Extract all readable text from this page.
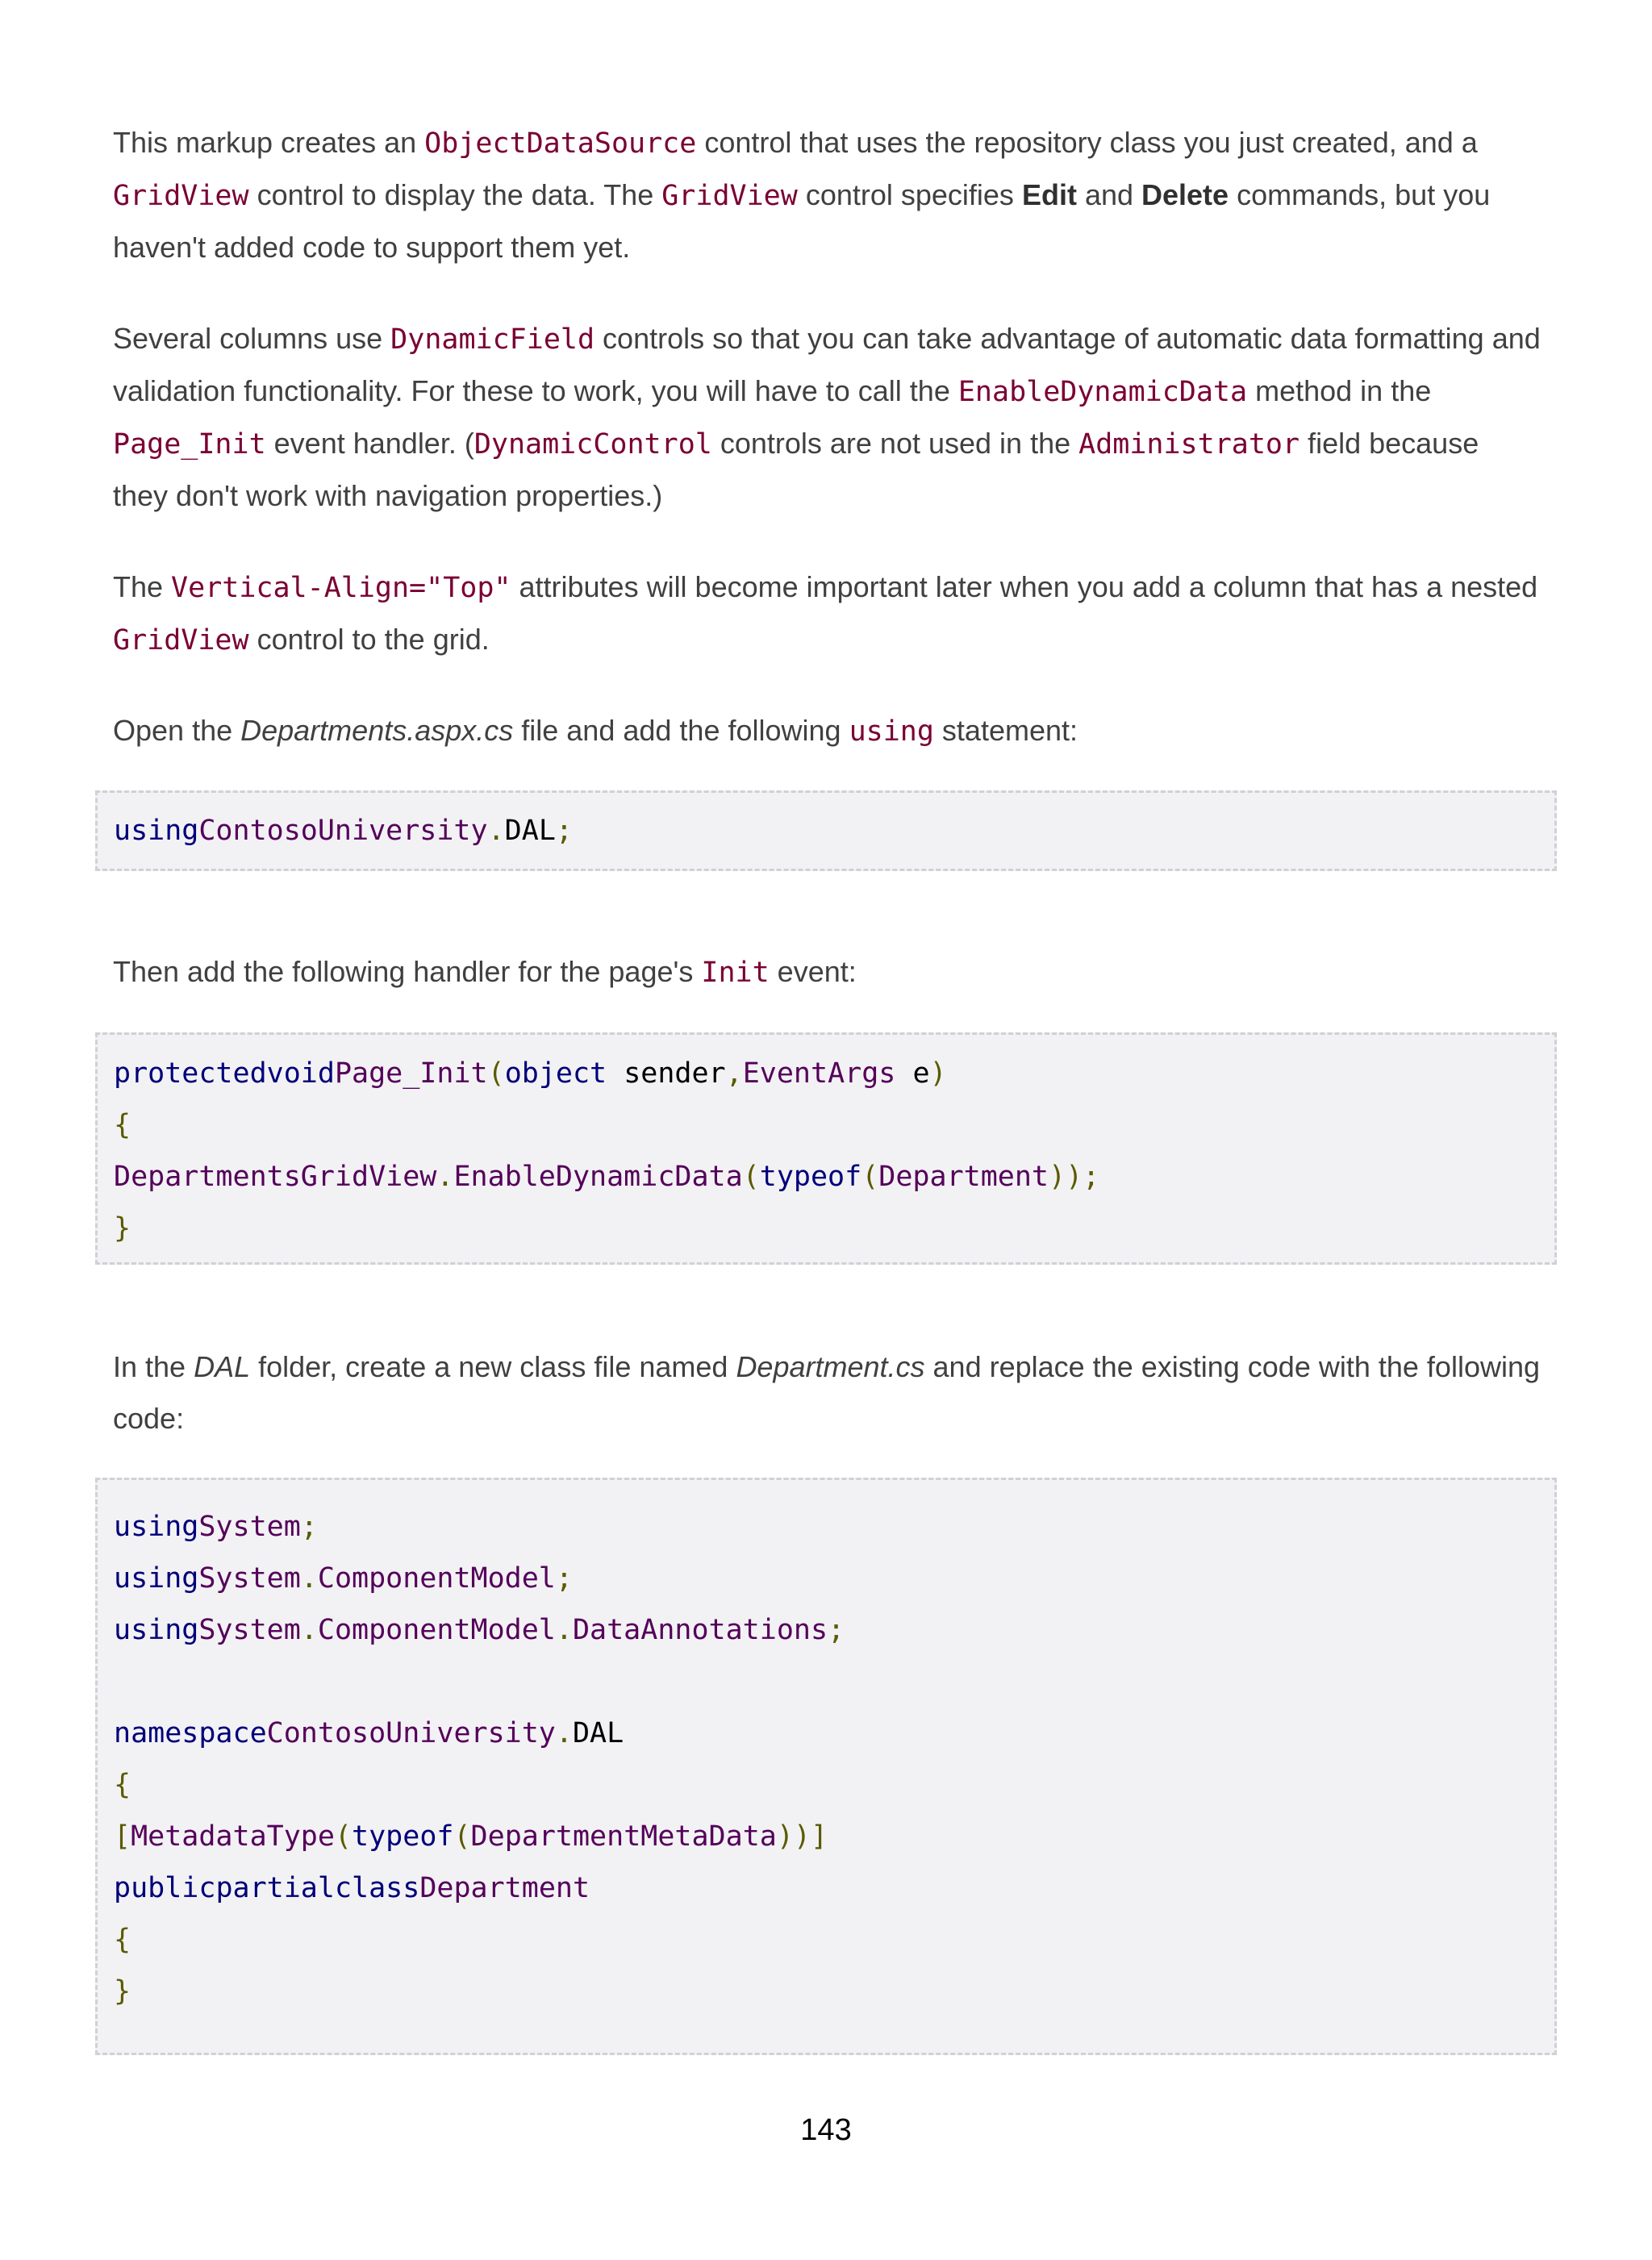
This markup creates an ObjectDataSource control that uses the repository class you just created, and a GridView control to display the data. The GridView control specifies Edit and Delete commands, but you haven't added code to support them yet.

Several columns use DynamicField controls so that you can take advantage of automatic data formatting and validation functionality. For these to work, you will have to call the EnableDynamicData method in the Page_Init event handler. (DynamicControl controls are not used in the Administrator field because they don't work with navigation properties.)

The Vertical-Align="Top" attributes will become important later when you add a column that has a nested GridView control to the grid.

Open the Departments.aspx.cs file and add the following using statement:

usingContosoUniversity.DAL;

Then add the following handler for the page's Init event:

protectedvoidPage_Init(object sender,EventArgs e)

{

DepartmentsGridView.EnableDynamicData(typeof(Department));

}

In the DAL folder, create a new class file named Department.cs and replace the existing code with the following code:

usingSystem;

usingSystem.ComponentModel;

usingSystem.ComponentModel.DataAnnotations;

namespaceContosoUniversity.DAL

{

[MetadataType(typeof(DepartmentMetaData))]

publicpartialclassDepartment

{

}

143
